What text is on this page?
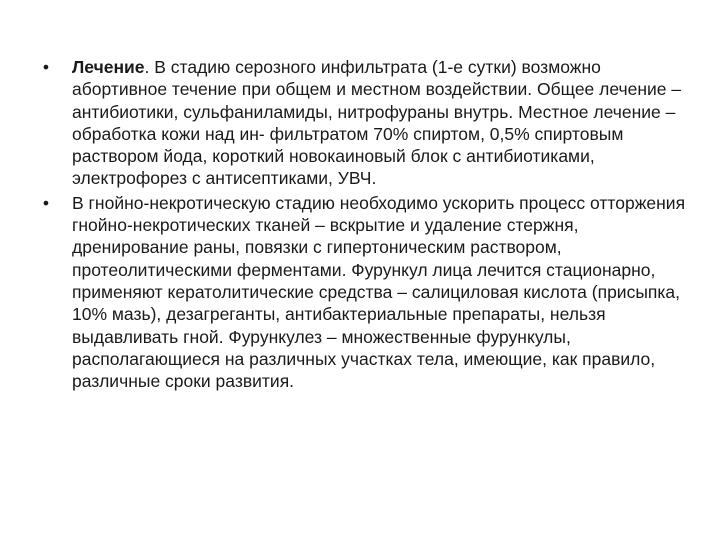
•	Лечение. В стадию серозного инфильтрата (1-е сутки) возможно абортивное течение при общем и местном воздействии. Общее лечение – антибиотики, сульфаниламиды, нитрофураны внутрь. Местное лечение – обработка кожи над ин- фильтратом 70% спиртом, 0,5% спиртовым раствором йода, короткий новокаиновый блок с антибиотиками, электрофорез с антисептиками, УВЧ.
•	В гнойно-некротическую стадию необходимо ускорить процесс отторжения гнойно-некротических тканей – вскрытие и удаление стержня, дренирование раны, повязки с гипертоническим раствором, протеолитическими ферментами. Фурункул лица лечится стационарно, применяют кератолитические средства – салициловая кислота (присыпка, 10% мазь), дезагреганты, антибактериальные препараты, нельзя выдавливать гной. Фурункулез – множественные фурункулы, располагающиеся на различных участках тела, имеющие, как правило, различные сроки развития.
